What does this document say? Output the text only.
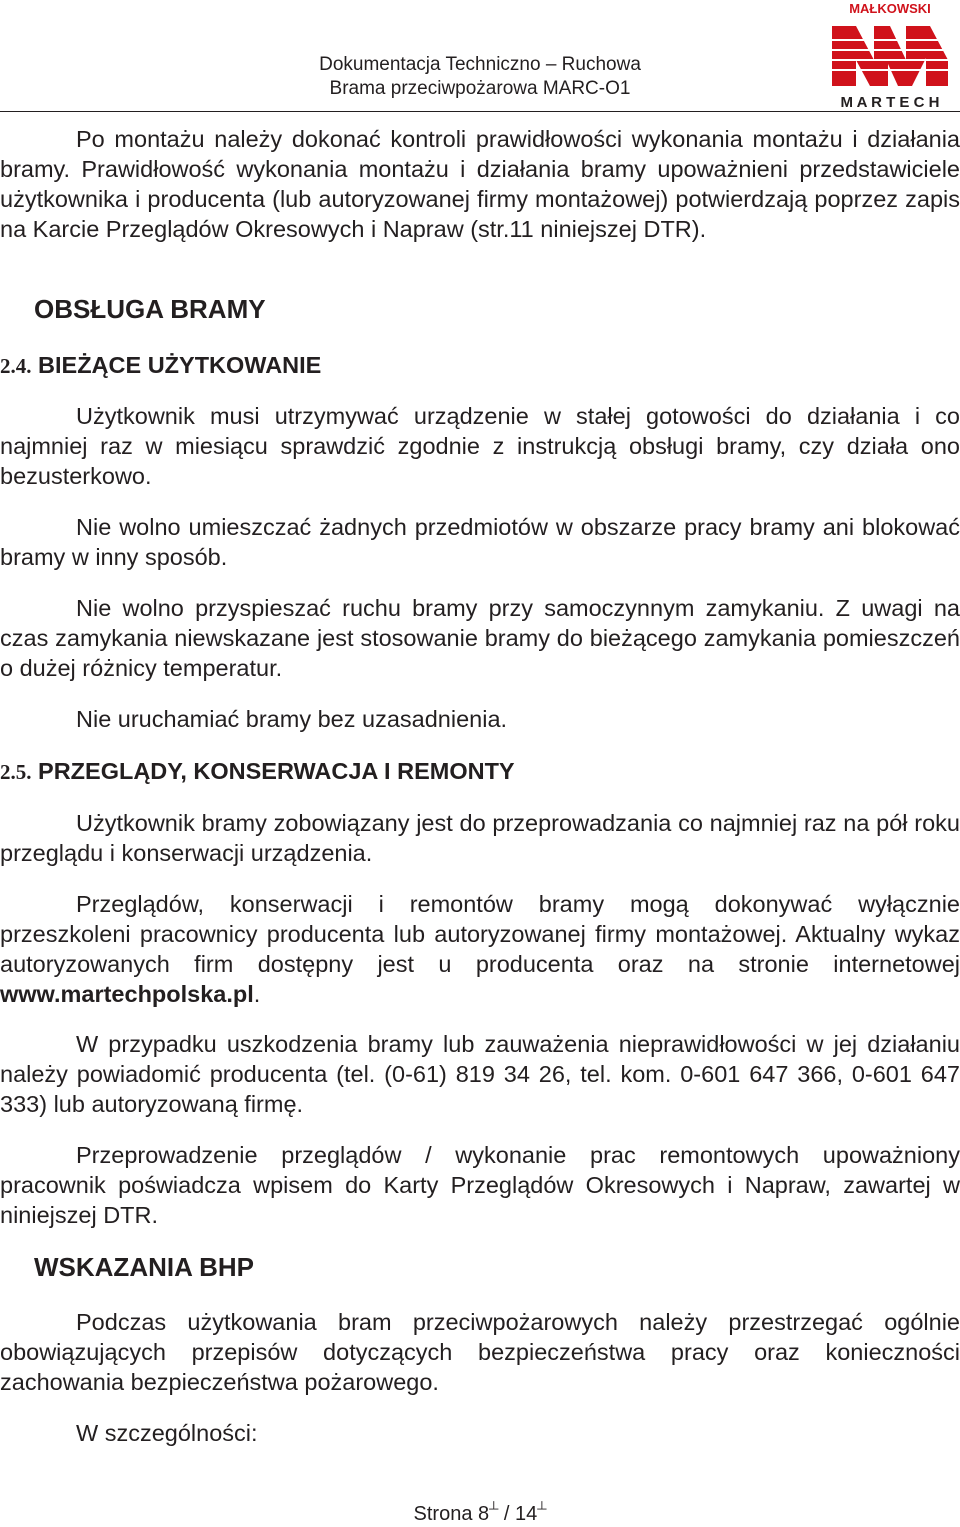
Dokumentacja Techniczno – Ruchowa
Brama przeciwpożarowa MARC-O1
MAŁKOWSKI
M A R T E C H

Po montażu należy dokonać kontroli prawidłowości wykonania montażu i działania bramy. Prawidłowość wykonania montażu i działania bramy upoważnieni przedstawiciele użytkownika i producenta (lub autoryzowanej firmy montażowej) potwierdzają poprzez zapis na Karcie Przeglądów Okresowych i Napraw (str.11 niniejszej DTR).

OBSŁUGA BRAMY
2.4. BIEŻĄCE UŻYTKOWANIE

Użytkownik musi utrzymywać urządzenie w stałej gotowości do działania i co najmniej raz w miesiącu sprawdzić zgodnie z instrukcją obsługi bramy, czy działa ono bezusterkowo.

Nie wolno umieszczać żadnych przedmiotów w obszarze pracy bramy ani blokować bramy w inny sposób.

Nie wolno przyspieszać ruchu bramy przy samoczynnym zamykaniu. Z uwagi na czas zamykania niewskazane jest stosowanie bramy do bieżącego zamykania pomieszczeń o dużej różnicy temperatur.

Nie uruchamiać bramy bez uzasadnienia.

2.5. PRZEGLĄDY, KONSERWACJA I REMONTY

Użytkownik bramy zobowiązany jest do przeprowadzania co najmniej raz na pół roku przeglądu i konserwacji urządzenia.

Przeglądów, konserwacji i remontów bramy mogą dokonywać wyłącznie przeszkoleni pracownicy producenta lub autoryzowanej firmy montażowej. Aktualny wykaz autoryzowanych firm dostępny jest u producenta oraz na stronie internetowej www.martechpolska.pl.

W przypadku uszkodzenia bramy lub zauważenia nieprawidłowości w jej działaniu należy powiadomić producenta (tel. (0-61) 819 34 26, tel. kom. 0-601 647 366, 0-601 647 333) lub autoryzowaną firmę.

Przeprowadzenie przeglądów / wykonanie prac remontowych upoważniony pracownik poświadcza wpisem do Karty Przeglądów Okresowych i Napraw, zawartej w niniejszej DTR.

WSKAZANIA BHP

Podczas użytkowania bram przeciwpożarowych należy przestrzegać ogólnie obowiązujących przepisów dotyczących bezpieczeństwa pracy oraz konieczności zachowania bezpieczeństwa pożarowego.

W szczególności:

Strona 8┴ / 14┴
